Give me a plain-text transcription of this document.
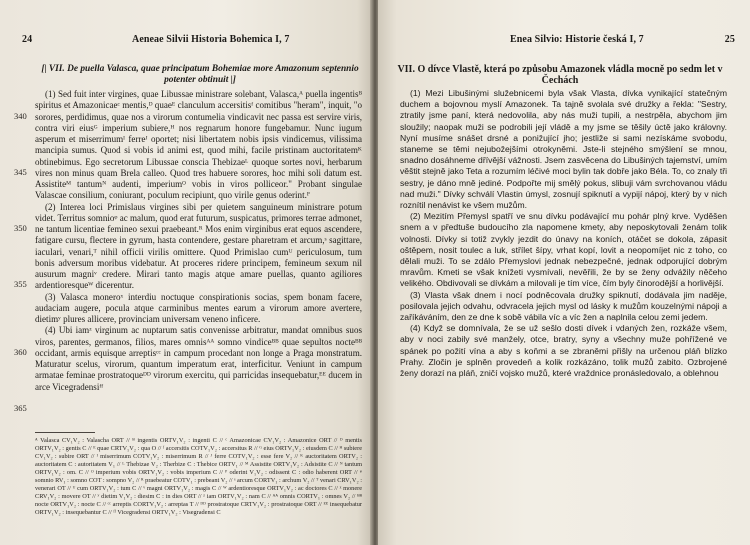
24	Aeneae Silvii Historia Bohemica I, 7
[| VII. De puella Valasca, quae principatum Bohemiae more Amazonum septennio potenter obtinuit |]
340
345
350
355
360
365

(1) Sed fuit inter virgines, quae Libussae ministrare solebant, Valasca,ᴬ puella ingentisᴮ spiritus et Amazonicaeᶜ mentis,ᴰ quaeᴱ clanculum accersitisᶠ comitibus "heram", inquit, "o sorores, perdidimus, quae nos a virorum contumelia vindicavit nec passa est servire viris, contra viri eiusᴳ imperium subiere,ᴴ nos regnarum honore fungebamur. Nunc iugum asperum et miserrimumᴵ ferreᴶ oportet; nisi libertatem nobis ipsis vindicemus, vilissima mancipia sumus. Quod si vobis id animi est, quod mihi, facile pristinam auctoritatemᴷ obtinebimus. Ego secretorum Libussae conscia Thebizaeᴸ quoque sortes novi, herbarum vires non minus quam Brela calleo. Quod tres habuere sorores, hoc mihi soli datum est. Assistiteᴹ tantumᴺ audenti, imperiumᴼ vobis in viros polliceor." Probant singulae Valascae consilium, coniurant, poculum recipiunt, quo virile genus oderint.ᴾ

(2) Intereа loci Primislaus virgines sibi per quietem sanguineum ministrare potum videt. Territus somnioᵠ ac malum, quod erat futurum, suspicatus, primores terrae admonet, ne tantum licentiae feminео sexui praebeant.ᴿ Mos enim virginibus erat equos ascendere, fatigare cursu, flectere in gyrum, hasta contendere, gestare pharetram et arcum,ˢ sagittare, iaculari, venari,ᵀ nihil officii virilis omittere. Quod Primislao cumᵁ periculosum, tum bonis adversum moribus videbatur. At proceres ridere principem, feminеum sexum nil ausurum magniᵛ credere. Mirari tanto magis atque amare puellas, quanto agiliores ardentioresqueᵂ dicerentur.

(3) Valasca moneroˣ interdiu noctuque conspirationis socias, spem bonam facere, audaciam augere, pocula atque carminibus mentes earum a virorum amore avertere, dietimʸ plures allicere, provinciam universam veneno inficere.

(4) Ubi iamᶻ virginum ac nuptarum satis convenisse arbitratur, mandat omnibus suos viros, parentes, germanos, filios, mares omnisᴬᴬ somno vindiceᴮᴮ quae sepultos nocteᴮᴮ occidant, armis equisque arreptisᶜᶜ in campum procedant non longe a Praga monstratum. Maturatur scelus, virorum, quantum imperatum erat, interficitur. Veniunt in campum armatae feminae prostratoqueᴰᴰ virorum exercitu, qui parricidas insequebatur,ᴱᴱ ducem in arce Vicegradensiᶠᶠ

ᴬ Valasca CV₁V₂ : Valascha ORT // ᴮ ingentis ORTV₁V₂ : ingenti C // ᶜ Amazonicae CV₁V₂ : Amazonice ORT // ᴰ mentis ORTV₁V₂ : gentis C // ᴱ quae CRTV₁V₂ : qua O // ᶠ accersitis COTV₁V₂ : accersitus R // ᴳ eius ORTV₁V₂ : eiusdem C // ᴴ subiere CV₁V₂ : subire ORT // ᴵ miserrimum COTV₁V₂ : miserrimum R // ᴶ ferre COTV₁V₂ : esse fere V₂ // ᴷ auctoritatem ORTV₂ : auctoritatem C : autoritatem V₁ // ᴸ Thebizae V₂ : Therbize C : Thebice ORTV₁ // ᴹ Assistite ORTV₁V₂ : Adsistite C // ᴺ tantum ORTV₁V₂ : om. C // ᴼ imperium vobis ORTV₁V₂ : vobis imperium C // ᴾ oderint V₁V₂ : odissent C : odio haberent ORT // ᵠ somnio RV₁ : somno COT : sompno V₂ // ᴿ praebeatur COTV₁ : prebeant V₂ // ˢ arcum CORTV₁ : archum V₂ // ᵀ venari CRV₁V₂ : venerari OT // ᵁ cum ORTV₁V₂ : tum C // ᵛ magni ORTV₁V₂ : magis C // ᵂ ardentioresque ORTV₁V₂ : ac doctores C // ˣ monere CRV₁V₂ : movere OT // ʸ dietim V₁V₂ : diesim C : in dies ORT // ᶻ iam ORTV₁V₂ : nam C // ᴬᴬ omnis CORTV₁ : omnes V₂ // ᴮᴮ nocte ORTV₁V₂ : nocte C // ᶜᶜ arreptis CORTV₁V₂ : arreptas T // ᴰᴰ prostratoque CRTV₁V₂ : prostratoque ORT // ᴱᴱ insequebatur ORTV₁V₂ : insequebantur C // ᶠᶠ Vicegradensi ORTV₁V₂ : Visegradensi C
Enea Silvio: Historie česká I, 7	25
VII. O dívce Vlastě, která po způsobu Amazonek vládla mocně po sedm let v Čechách

(1) Mezi Libušinými služebnicemi byla však Vlasta, dívka vynikající statečným duchem a bojovnou myslí Amazonek. Ta tajně svolala své družky a řekla: "Sestry, ztratily jsme paní, která nedovolila, aby nás muži tupili, a nestrpěla, abychom jim sloužily; naopak muži se podrobili její vládě a my jsme se těšily úctě jako královny. Nyní musíme snášet drsné a ponižující jho; jestliže si sami nezískáme svobodu, staneme se těmi nejubožejšími otrokyněmi. Jste-li stejného smýšlení se mnou, snadno dosáhneme dřívější vážnosti. Jsem zasvěcena do Libušiných tajemství, umím věštit stejně jako Teta a rozumím léčivé moci bylin tak dobře jako Béla. To, co znaly tři sestry, je dáno mně jediné. Podpořte mĳ smělý pokus, slibuji vám svrchovanou vládu nad muži." Dívky schválí Vlastin úmysl, zosnují spiknutí a vypijí nápoj, který by v nich roznítil nenávist ke všem mužům.

(2) Mezitím Přemysl spatří ve snu dívku podávající mu pohár plný krve. Vyděšen snem a v předtuše budoucího zla napomene kmety, aby neposkytovali ženám tolik volnosti. Dívky si totiž zvykly jezdit do únavy na koních, otáčet se dokola, zápasit oštěpem, nosit toulec a luk, střílet šípy, vrhat kopí, lovit a neopomíjet nic z toho, co dělali muži. To se zdálo Přemyslovi jednak nebezpečné, jednak odporující dobrým mravům. Kmeti se však knížeti vysmívali, nevěřili, že by se ženy odvážily něčeho velikého. Obdivovali se dívkám a milovali je tím více, čím byly činorodější a horlivější.

(3) Vlasta však dnem i nocí podněcovala družky spiknutí, dodávala jim naděje, posilovala jejich odvahu, odvracela jejich mysl od lásky k mužům kouzelnými nápoji a zaříkáváním, den ze dne k sobě vábila víc a víc žen a naplnila celou zemi jedem.

(4) Když se domnívala, že se už sešlo dosti dívek i vdaných žen, rozkáže všem, aby v noci zabily své manžely, otce, bratry, syny a všechny muže pohřížené ve spánek po požití vína a aby s koňmi a se zbraněmi přišly na určenou pláň blízko Prahy. Zločin je splněn provedeň a kolik rozkázáno, tolik mužů zabito. Ozbrojené ženy dorazí na pláň, zničí vojsko mužů, které vraždnice pronásledovalo, a oblehnou
